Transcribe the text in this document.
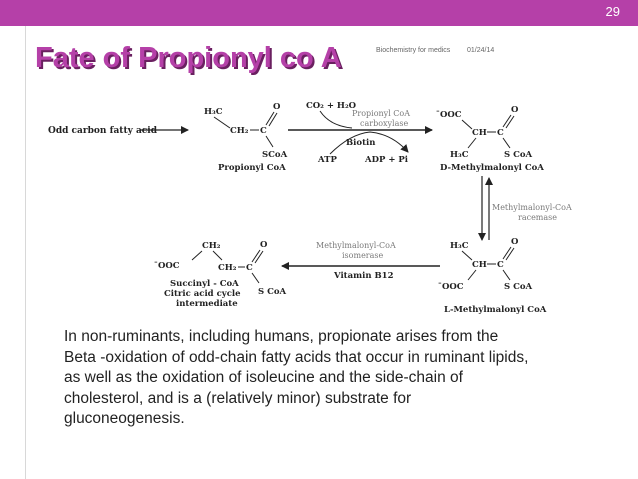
29
Fate of Propionyl co A	Biochemistry for medics 01/24/14
Odd carbon fatty acid
H₃C
CH₂ C
O
SCoA
Propionyl CoA
CO₂ + H₂O
Propionyl CoA
carboxylase
Biotin
ATP	ADP + Pi
̄OOC
CH C
O
H₃C	S CoA
D-Methylmalonyl CoA
Methylmalonyl-CoA
racemase
H₃C
CH C
O
̄OOC	S CoA
L-Methylmalonyl CoA
Methylmalonyl-CoA
isomerase
Vitamin B12
CH₂
̄OOC	CH₂ C
O
S CoA
Succinyl - CoA
Citric acid cycle
intermediate
In non-ruminants, including humans, propionate arises from the
Beta -oxidation of odd-chain fatty acids that occur in ruminant lipids,
as well as the oxidation of isoleucine and the side-chain of
cholesterol, and is a (relatively minor) substrate for
gluconeogenesis.
